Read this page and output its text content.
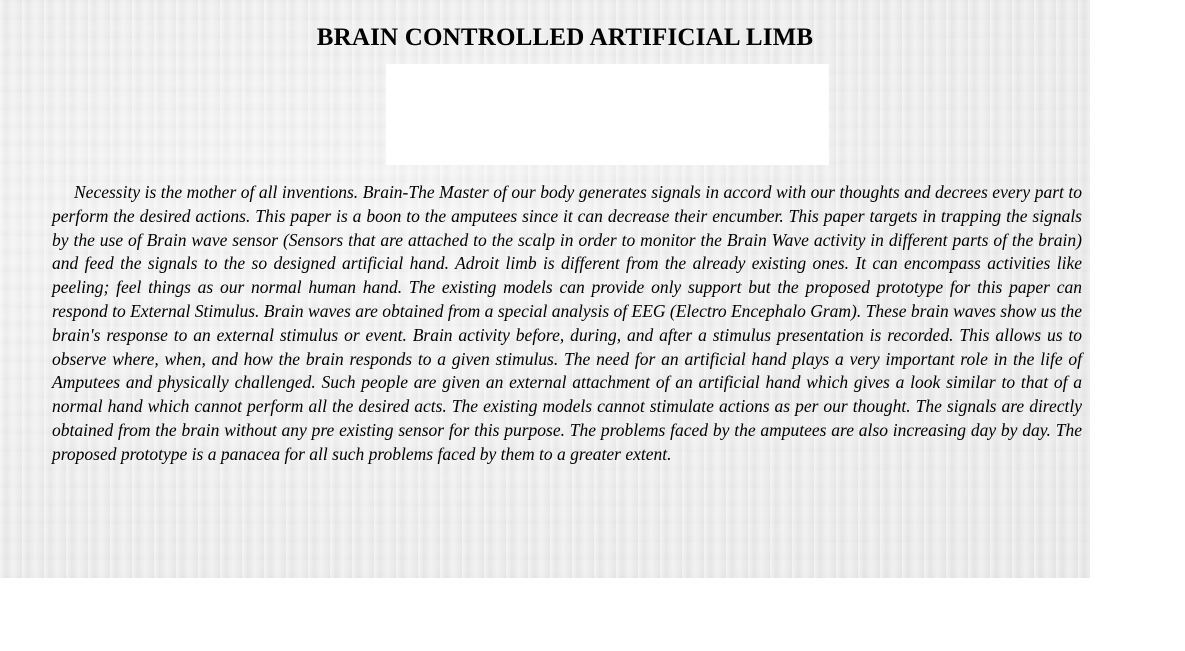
BRAIN CONTROLLED ARTIFICIAL LIMB

Necessity is the mother of all inventions. Brain-The Master of our body generates signals in accord with our thoughts and decrees every part to perform the desired actions. This paper is a boon to the amputees since it can decrease their encumber. This paper targets in trapping the signals by the use of Brain wave sensor (Sensors that are attached to the scalp in order to monitor the Brain Wave activity in different parts of the brain) and feed the signals to the so designed artificial hand. Adroit limb is different from the already existing ones. It can encompass activities like peeling; feel things as our normal human hand. The existing models can provide only support but the proposed prototype for this paper can respond to External Stimulus. Brain waves are obtained from a special analysis of EEG (Electro Encephalo Gram). These brain waves show us the brain's response to an external stimulus or event. Brain activity before, during, and after a stimulus presentation is recorded. This allows us to observe where, when, and how the brain responds to a given stimulus. The need for an artificial hand plays a very important role in the life of Amputees and physically challenged. Such people are given an external attachment of an artificial hand which gives a look similar to that of a normal hand which cannot perform all the desired acts. The existing models cannot stimulate actions as per our thought. The signals are directly obtained from the brain without any pre existing sensor for this purpose. The problems faced by the amputees are also increasing day by day. The proposed prototype is a panacea for all such problems faced by them to a greater extent.
